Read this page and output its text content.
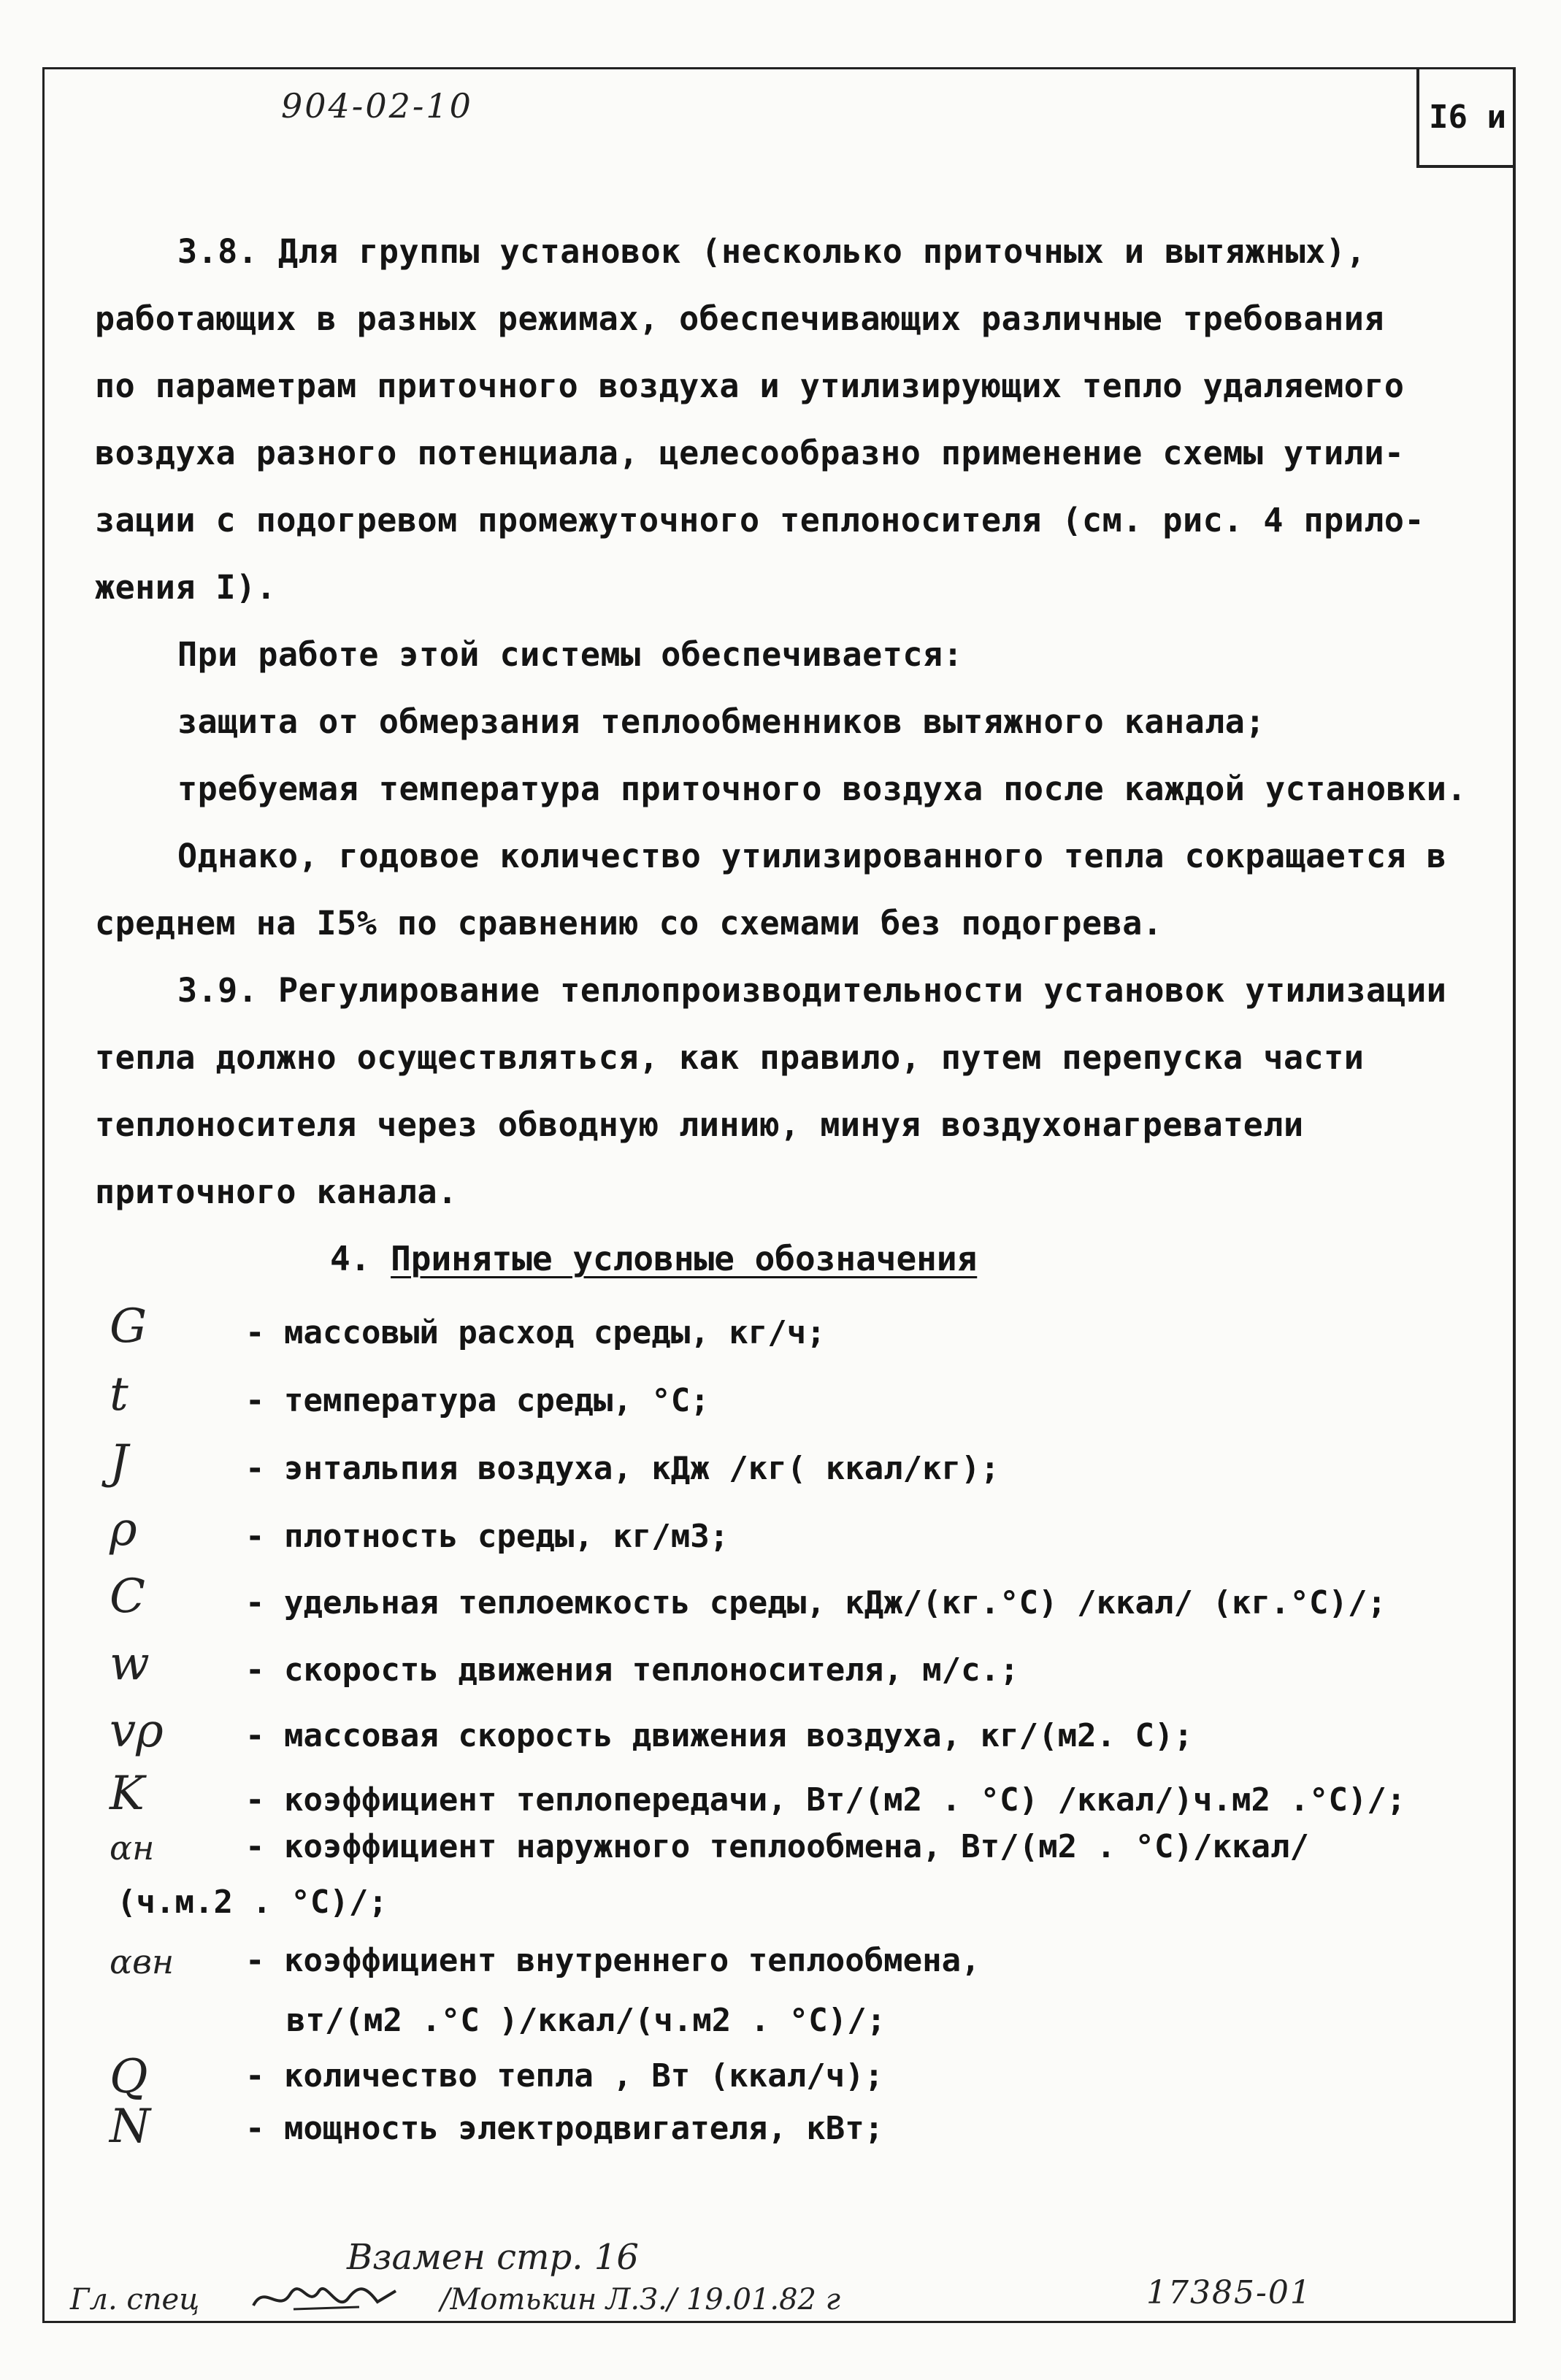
904-02-10	I6 и
3.8. Для группы установок (несколько приточных и вытяжных),
работающих в разных режимах, обеспечивающих различные требования
по параметрам приточного воздуха и утилизирующих тепло удаляемого
воздуха разного потенциала, целесообразно применение схемы утили-
зации с подогревом промежуточного теплоносителя (см. рис. 4 прило-
жения I).
При работе этой системы обеспечивается:
защита от обмерзания теплообменников вытяжного канала;
требуемая температура приточного воздуха после каждой установки.
Однако, годовое количество утилизированного тепла сокращается в
среднем на I5% по сравнению со схемами без подогрева.
3.9. Регулирование теплопроизводительности установок утилизации
тепла должно осуществляться, как правило, путем перепуска части
теплоносителя через обводную линию, минуя воздухонагреватели
приточного канала.
4. Принятые условные обозначения
G	- массовый расход среды, кг/ч;
t	- температура среды, °С;
J	- энтальпия воздуха, кДж /кг( ккал/кг);
ρ	- плотность среды, кг/м3;
C	- удельная теплоемкость среды, кДж/(кг.°С) /ккал/ (кг.°С)/;
w	- скорость движения теплоносителя, м/с.;
vρ	- массовая скорость движения воздуха, кг/(м2. С);
K	- коэффициент теплопередачи, Вт/(м2 . °С) /ккал/)ч.м2 .°С)/;
αн	- коэффициент наружного теплообмена, Вт/(м2 . °С)/ккал/
(ч.м.2 . °С)/;
αвн - коэффициент внутреннего теплообмена,
вт/(м2 .°С )/ккал/(ч.м2 . °С)/;
Q	- количество тепла , Вт (ккал/ч);
N	- мощность электродвигателя, кВт;
Взамен стр. 16
Гл. спец	/Мотькин Л.З./ 19.01.82 г	17385-01
